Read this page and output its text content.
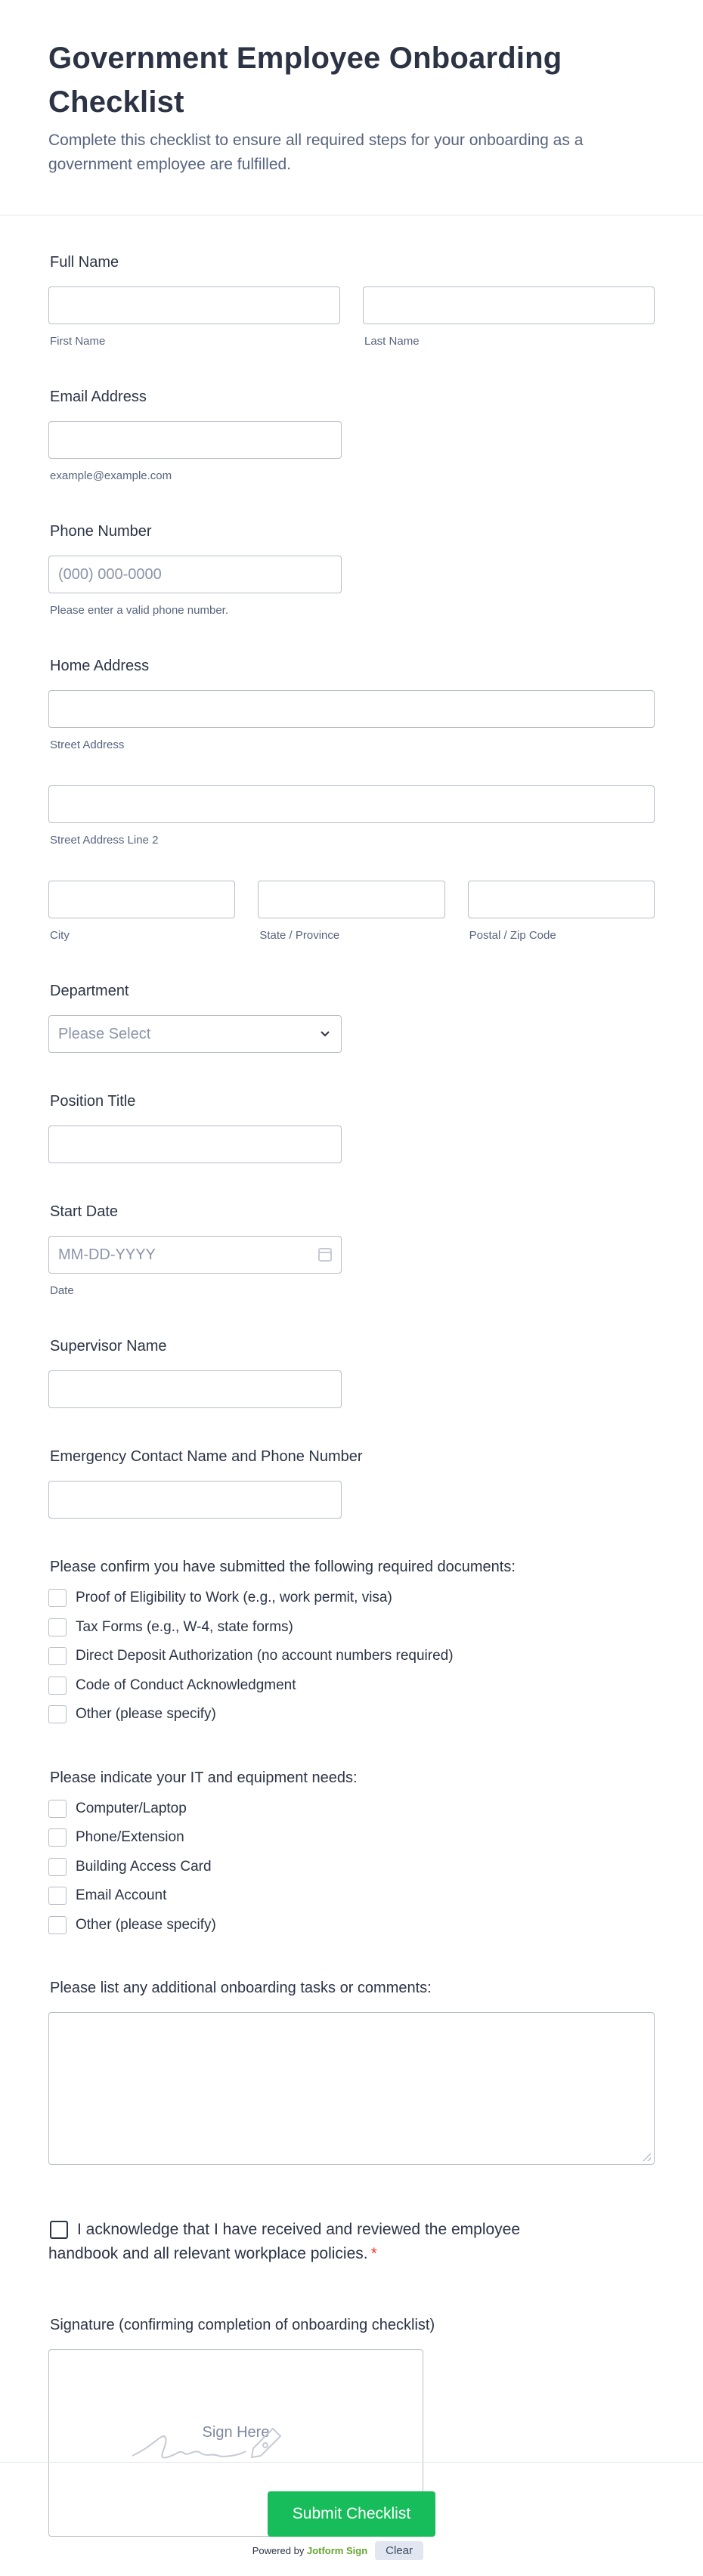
Government Employee Onboarding Checklist

Complete this checklist to ensure all required steps for your onboarding as a government employee are fulfilled.

Full Name
First Name	Last Name
Email Address
example@example.com
Phone Number
(000) 000-0000
Please enter a valid phone number.
Home Address
Street Address
Street Address Line 2
City	State / Province	Postal / Zip Code
Department
Please Select
Position Title
Start Date
MM-DD-YYYY
Date
Supervisor Name
Emergency Contact Name and Phone Number
Please confirm you have submitted the following required documents:
Proof of Eligibility to Work (e.g., work permit, visa)
Tax Forms (e.g., W-4, state forms)
Direct Deposit Authorization (no account numbers required)
Code of Conduct Acknowledgment
Other (please specify)
Please indicate your IT and equipment needs:
Computer/Laptop
Phone/Extension
Building Access Card
Email Account
Other (please specify)
Please list any additional onboarding tasks or comments:
I acknowledge that I have received and reviewed the employee
handbook and all relevant workplace policies. *
Signature (confirming completion of onboarding checklist)
Sign Here
Powered by Jotform Sign	Clear
Submit Checklist
